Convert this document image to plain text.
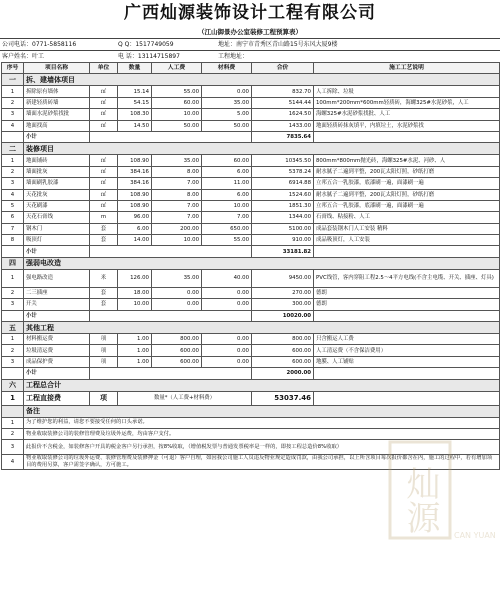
广西灿源装饰设计工程有限公司
（江山御景办公室装修工程预算表）
公司电话：0771-5858116	Q Q：1517749059	地址：南宁市青秀区青山路15号东风大厦9楼
客户姓名：叶工	电 话：13114715897	工程地址：
序号	项目名称	单位	数量	人工费	材料费	合价	施工工艺说明
一	拆、建墙体项目						
1	拆除原有墙体	㎡	15.14	55.00	0.00	832.70	人工拆除、垃圾
2	新建轻质砖墙	㎡	54.15	60.00	35.00	5144.44	100mm*200mm*600mm轻质砖，海螺325#水泥砂浆，人工
3	墙面水泥砂浆找批	㎡	108.30	10.00	5.00	1624.50	海螺325#水泥砂浆找批、人工
4	地面找高	㎡	14.50	50.00	50.00	1433.00	地面轻质砖抹灰填平，内填垃土，水泥砂浆找
	小计					7835.64	
二	装修项目						
1	地面铺砖	㎡	108.90	35.00	60.00	10345.50	800mm*800mm抛光砖，海螺325#水泥、河砂、人
2	墙面批灰	㎡	384.16	8.00	6.00	5378.24	耐水腻子二遍到平整，200瓦太阳灯照，砂纸打磨
3	墙面刷乳胶漆	㎡	384.16	7.00	11.00	6914.88	立邦五合一乳胶漆，底漆刷一遍，面漆刷一遍
4	天花批灰	㎡	108.90	8.00	6.00	1524.60	耐水腻子二遍到平整，200瓦太阳灯照，砂纸打磨
5	天花刷漆	㎡	108.90	7.00	10.00	1851.30	立邦五合一乳胶漆，底漆刷一遍，面漆刷一遍
6	天花石膏线	m	96.00	7.00	7.00	1344.00	石膏线、粘接粉、人工
7	钢木门	套	6.00	200.00	650.00	5100.00	成品套装钢木门人工安装 精料
8	吸顶灯	套	14.00	10.00	55.00	910.00	成品吸顶灯，人工安装
	小计					33181.82	
四	强弱电改造						
1	强电路改造	米	126.00	35.00	40.00	9450.00	PVC线管，客内穿阻工程2.5～4平方电线(不含主电缆、开关、插座、灯具)
2	二三插座	套	18.00	0.00	0.00	270.00	德朗
3	开关	套	10.00	0.00	0.00	300.00	德朗
	小计					10020.00	
五	其他工程						
1	材料搬运费	项	1.00	800.00	0.00	800.00	只含搬运人工费
2	垃圾清运费	项	1.00	600.00	0.00	600.00	人工清运费（不含保洁费用）
3	成品保护费	项	1.00	600.00	0.00	600.00	地膜、人工铺贴
	小计					2000.00	
六	工程总合计						
1	工程直接费	项	数量*（人工费+材料费）			53037.46	
	备注						
1	为了维护您的利益，请您不要接受任何的口头承诺。						
2	物业收取装修公司的装修管理费及垃圾外运费，均由客户支付。						
3	此报价不含税金，如装修客户开具的税金客户另行承担，按8%收取，（增值税发票与普通发票税率是一样的，即按工程总造价8%收取）						
4	物业收取装修公司的垃圾外运费、装修管理费及装修押金（可退）客户自理，如因我公司施工人员违反物业规定造成罚款，由我公司承担，以上所含项目每次报价都含在内，施工的过程中，若有增加项目的费用另算，客户需签字确认，方可施工。						
灿源
CAN YUAN
